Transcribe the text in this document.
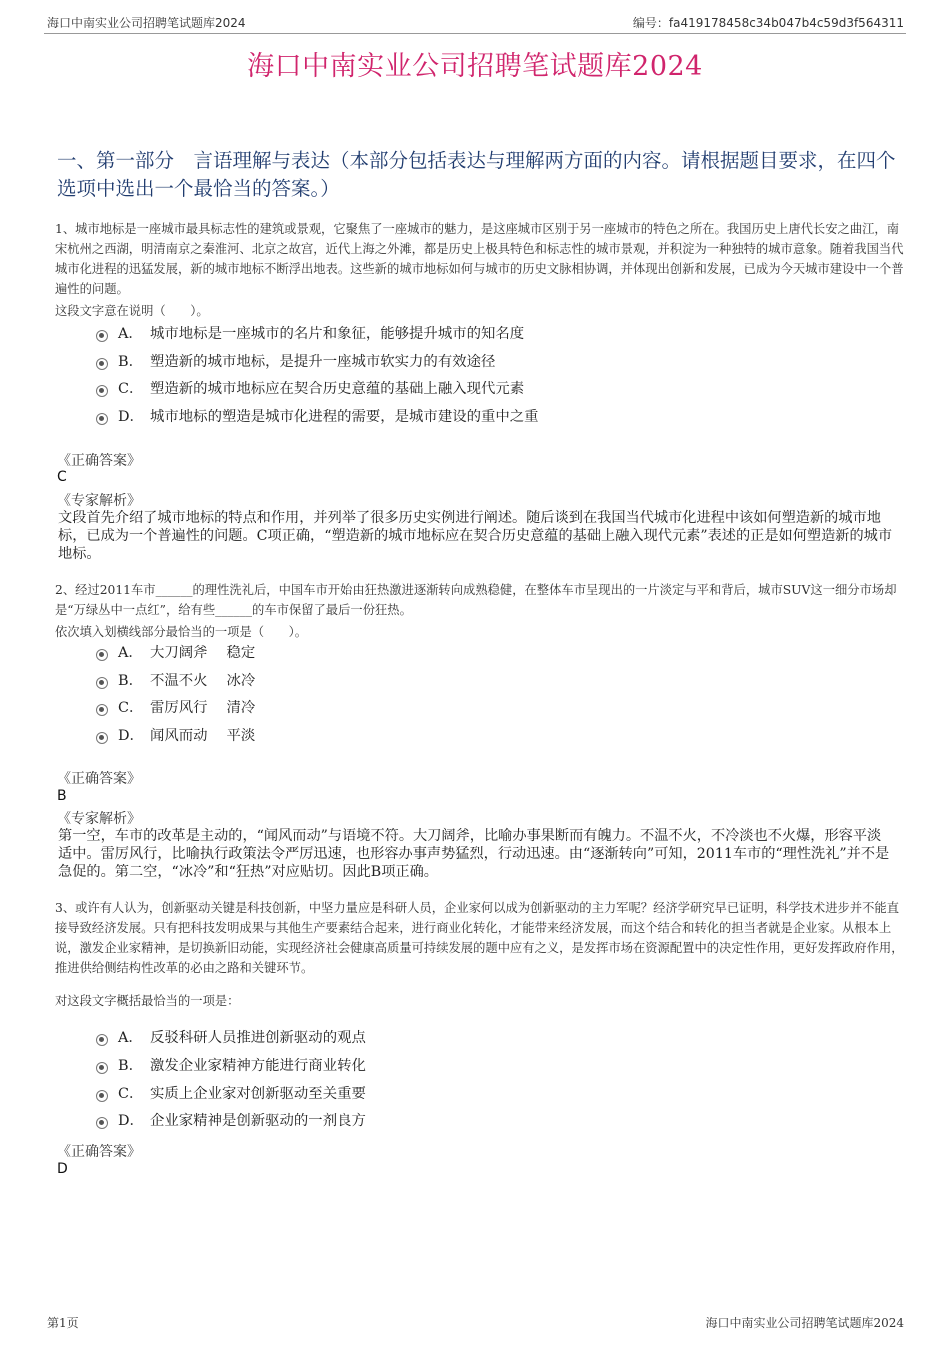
海口中南实业公司招聘笔试题库2024	编号：fa419178458c34b047b4c59d3f564311
海口中南实业公司招聘笔试题库2024
一、第一部分　言语理解与表达（本部分包括表达与理解两方面的内容。请根据题目要求，在四个选项中选出一个最恰当的答案。）
1、城市地标是一座城市最具标志性的建筑或景观，它聚焦了一座城市的魅力，是这座城市区别于另一座城市的特色之所在。我国历史上唐代长安之曲江，南宋杭州之西湖，明清南京之秦淮河、北京之故宫，近代上海之外滩，都是历史上极具特色和标志性的城市景观，并积淀为一种独特的城市意象。随着我国当代城市化进程的迅猛发展，新的城市地标不断浮出地表。这些新的城市地标如何与城市的历史文脉相协调，并体现出创新和发展，已成为今天城市建设中一个普遍性的问题。
这段文字意在说明（　　）。
A． 城市地标是一座城市的名片和象征，能够提升城市的知名度
B． 塑造新的城市地标，是提升一座城市软实力的有效途径
C． 塑造新的城市地标应在契合历史意蕴的基础上融入现代元素
D． 城市地标的塑造是城市化进程的需要，是城市建设的重中之重
《正确答案》
C
《专家解析》
文段首先介绍了城市地标的特点和作用，并列举了很多历史实例进行阐述。随后谈到在我国当代城市化进程中该如何塑造新的城市地标，已成为一个普遍性的问题。C项正确，“塑造新的城市地标应在契合历史意蕴的基础上融入现代元素”表述的正是如何塑造新的城市地标。
2、经过2011车市______的理性洗礼后，中国车市开始由狂热激进逐渐转向成熟稳健，在整体车市呈现出的一片淡定与平和背后，城市SUV这一细分市场却是“万绿丛中一点红”，给有些______的车市保留了最后一份狂热。
依次填入划横线部分最恰当的一项是（　　）。
A． 大刀阔斧　 稳定
B． 不温不火　 冰冷
C． 雷厉风行　 清冷
D． 闻风而动　 平淡
《正确答案》
B
《专家解析》
第一空，车市的改革是主动的，“闻风而动”与语境不符。大刀阔斧，比喻办事果断而有魄力。不温不火，不冷淡也不火爆，形容平淡适中。雷厉风行，比喻执行政策法令严厉迅速，也形容办事声势猛烈，行动迅速。由“逐渐转向”可知，2011车市的“理性洗礼”并不是急促的。第二空，“冰冷”和“狂热”对应贴切。因此B项正确。
3、或许有人认为，创新驱动关键是科技创新，中坚力量应是科研人员，企业家何以成为创新驱动的主力军呢？经济学研究早已证明，科学技术进步并不能直接导致经济发展。只有把科技发明成果与其他生产要素结合起来，进行商业化转化，才能带来经济发展，而这个结合和转化的担当者就是企业家。从根本上说，激发企业家精神，是切换新旧动能，实现经济社会健康高质量可持续发展的题中应有之义，是发挥市场在资源配置中的决定性作用，更好发挥政府作用，推进供给侧结构性改革的必由之路和关键环节。
对这段文字概括最恰当的一项是：
A． 反驳科研人员推进创新驱动的观点
B． 激发企业家精神方能进行商业转化
C． 实质上企业家对创新驱动至关重要
D． 企业家精神是创新驱动的一剂良方
《正确答案》
D
第1页	海口中南实业公司招聘笔试题库2024
